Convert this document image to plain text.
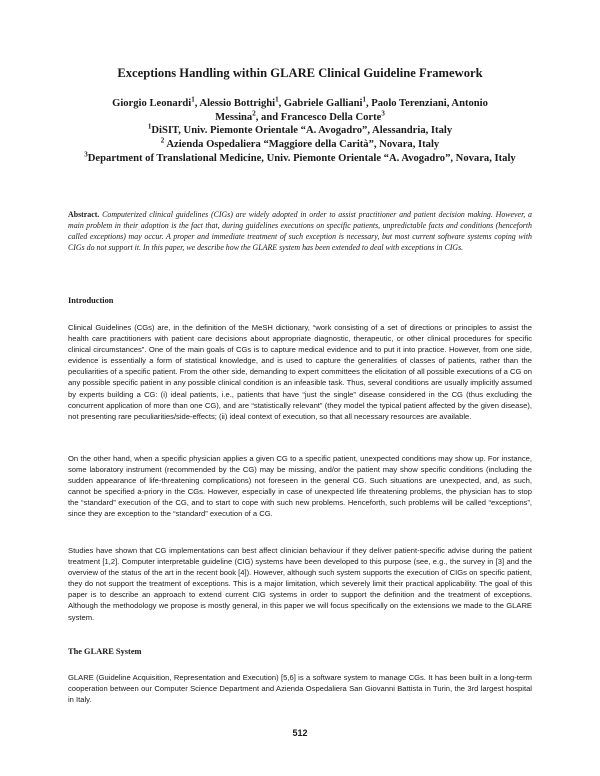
Exceptions Handling within GLARE Clinical Guideline Framework

Giorgio Leonardi$^1$, Alessio Bottrighi$^1$, Gabriele Galliani$^1$, Paolo Terenziani, Antonio

Messina$^2$, and Francesco Della Corte$^3$

$^1$DiSIT, Univ. Piemonte Orientale “A. Avogadro”, Alessandria, Italy

$^2$ Azienda Ospedaliera “Maggiore della Carità”, Novara, Italy

$^3$Department of Translational Medicine, Univ. Piemonte Orientale “A. Avogadro”, Novara, Italy

Abstract. Computerized clinical guidelines (CIGs) are widely adopted in order to assist practitioner and patient decision making. However, a main problem in their adoption is the fact that, during guidelines executions on specific patients, unpredictable facts and conditions (henceforth called exceptions) may occur. A proper and immediate treatment of such exception is necessary, but most current software systems coping with CIGs do not support it. In this paper, we describe how the GLARE system has been extended to deal with exceptions in CIGs.

Introduction

Clinical Guidelines (CGs) are, in the definition of the MeSH dictionary, “work consisting of a set of directions or principles to assist the health care practitioners with patient care decisions about appropriate diagnostic, therapeutic, or other clinical procedures for specific clinical circumstances”. One of the main goals of CGs is to capture medical evidence and to put it into practice. However, from one side, evidence is essentially a form of statistical knowledge, and is used to capture the generalities of classes of patients, rather than the peculiarities of a specific patient. From the other side, demanding to expert committees the elicitation of all possible executions of a CG on any possible specific patient in any possible clinical condition is an infeasible task. Thus, several conditions are usually implicitly assumed by experts building a CG: (i) ideal patients, i.e., patients that have “just the single” disease considered in the CG (thus excluding the concurrent application of more than one CG), and are “statistically relevant” (they model the typical patient affected by the given disease), not presenting rare peculiarities/side-effects; (ii) ideal context of execution, so that all necessary resources are available.

On the other hand, when a specific physician applies a given CG to a specific patient, unexpected conditions may show up. For instance, some laboratory instrument (recommended by the CG) may be missing, and/or the patient may show specific conditions (including the sudden appearance of life-threatening complications) not foreseen in the general CG. Such situations are unexpected, and, as such, cannot be specified a-priory in the CGs. However, especially in case of unexpected life threatening problems, the physician has to stop the “standard” execution of the CG, and to start to cope with such new problems. Henceforth, such problems will be called “exceptions”, since they are exception to the “standard” execution of a CG.

Studies have shown that CG implementations can best affect clinician behaviour if they deliver patient-specific advise during the patient treatment [1,2]. Computer interpretable guideline (CIG) systems have been developed to this purpose (see, e.g., the survey in [3] and the overview of the status of the art in the recent book [4]). However, although such system supports the execution of CIGs on specific patient, they do not support the treatment of exceptions. This is a major limitation, which severely limit their practical applicability. The goal of this paper is to describe an approach to extend current CIG systems in order to support the definition and the treatment of exceptions. Although the methodology we propose is mostly general, in this paper we will focus specifically on the extensions we made to the GLARE system.

The GLARE System

GLARE (Guideline Acquisition, Representation and Execution) [5,6] is a software system to manage CGs. It has been built in a long-term cooperation between our Computer Science Department and Azienda Ospedaliera San Giovanni Battista in Turin, the 3rd largest hospital in Italy.

512
